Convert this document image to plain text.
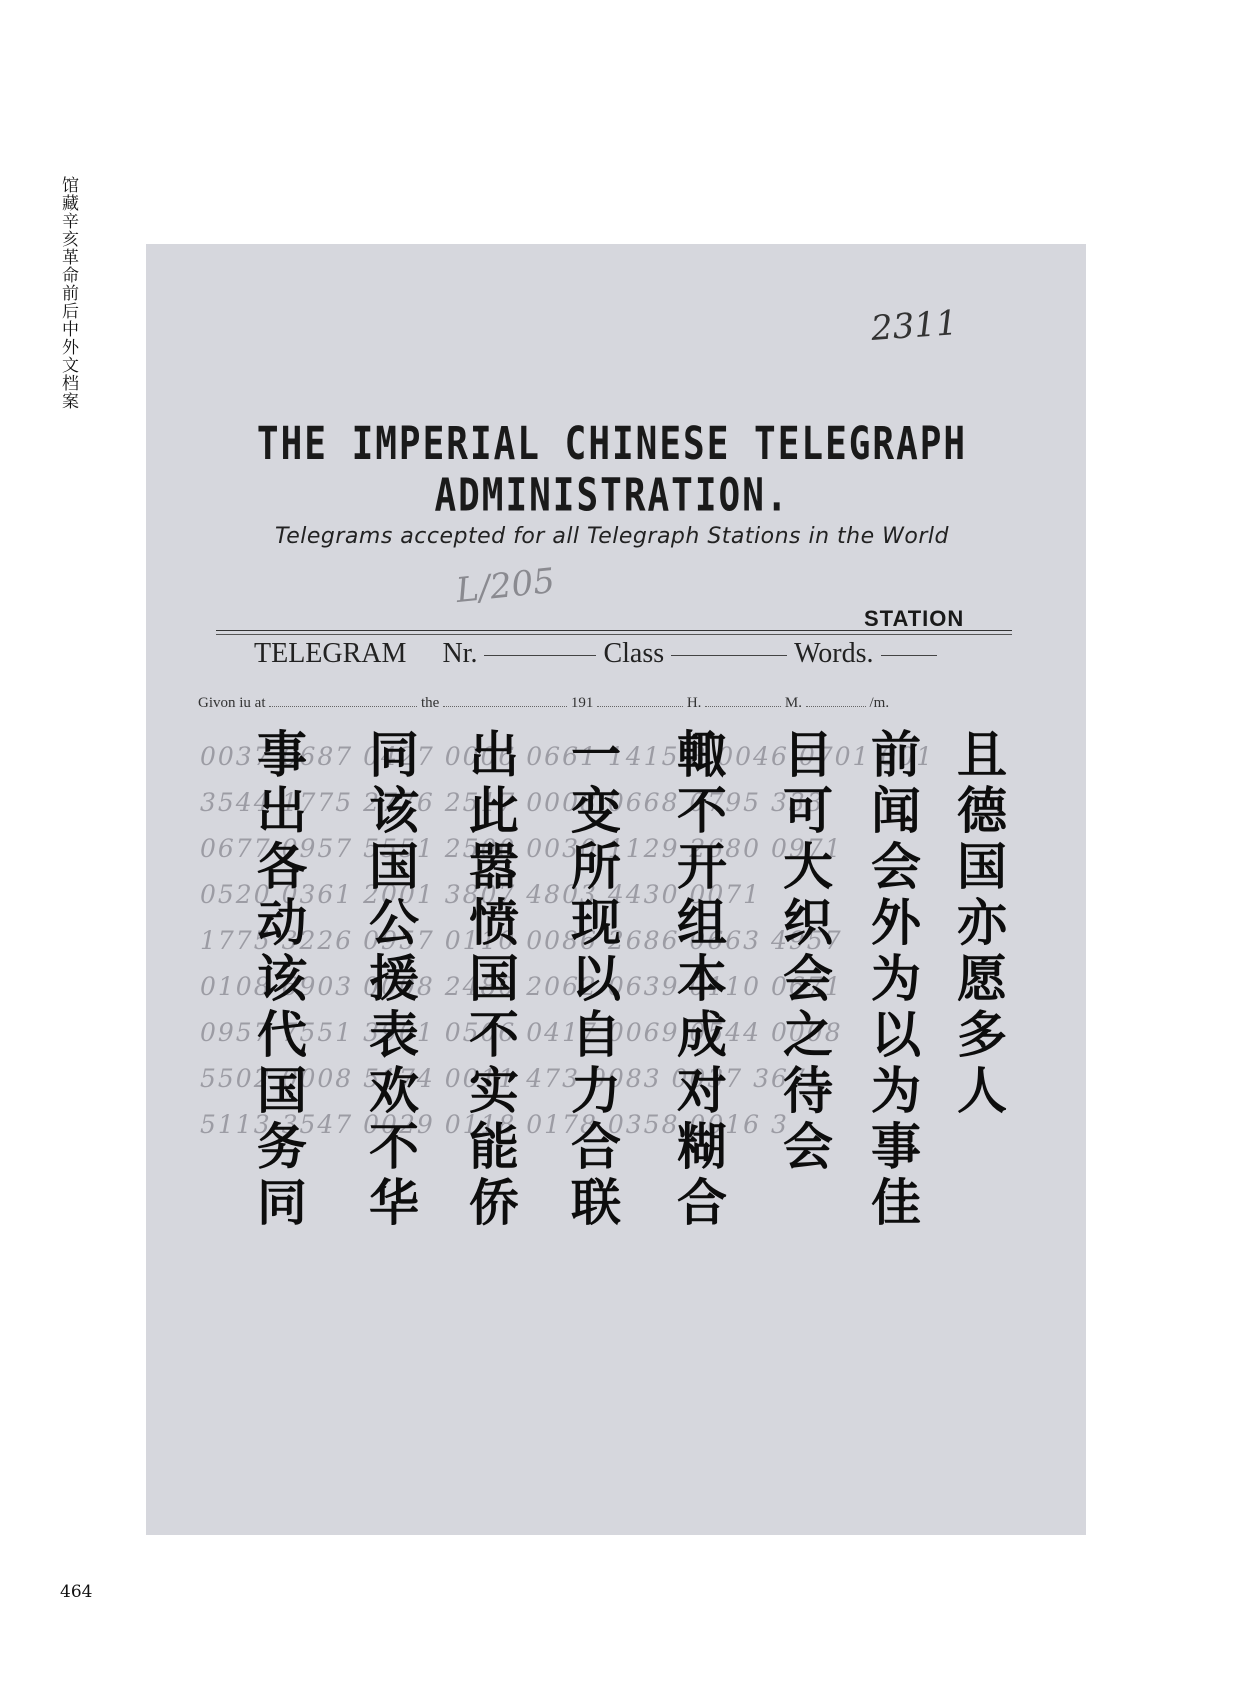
馆藏辛亥革命前后中外文档案	2311
THE IMPERIAL CHINESE TELEGRAPH ADMINISTRATION.
Telegrams accepted for all Telegraph Stations in the World
L/205
STATION
TELEGRAM Nr.	Class	Words.
Givon iu at	the	191	H.	M.	/m.
0037 0687 0427 0006 0661 1415 8 0046 0701 001
3544 1775 2776 2517 0008 0668 0795 333
0677 0957 5551 2500 0030 1129 2680 0971
0520 0361 2001 3807 4803 4430 0071
1775 3226 0957 0110 0086 2686 0663 4957
0108 6903 0008 2480 2062 0639 0110 0671
0957 7551 3961 0506 0417 0069 0544 0008
5502 0008 5174 0011 473 0083 0037 3671
5113 3547 0029 0118 0178 0358 0016 3
且德国亦愿多人
前闻会外为以为事佳
目可大织会之待会
輙不开组本成对糊合
一变所现以自力合联
出此嚣愤国不实能侨
同该国公援表欢不华
事出各动该代国务同
464
